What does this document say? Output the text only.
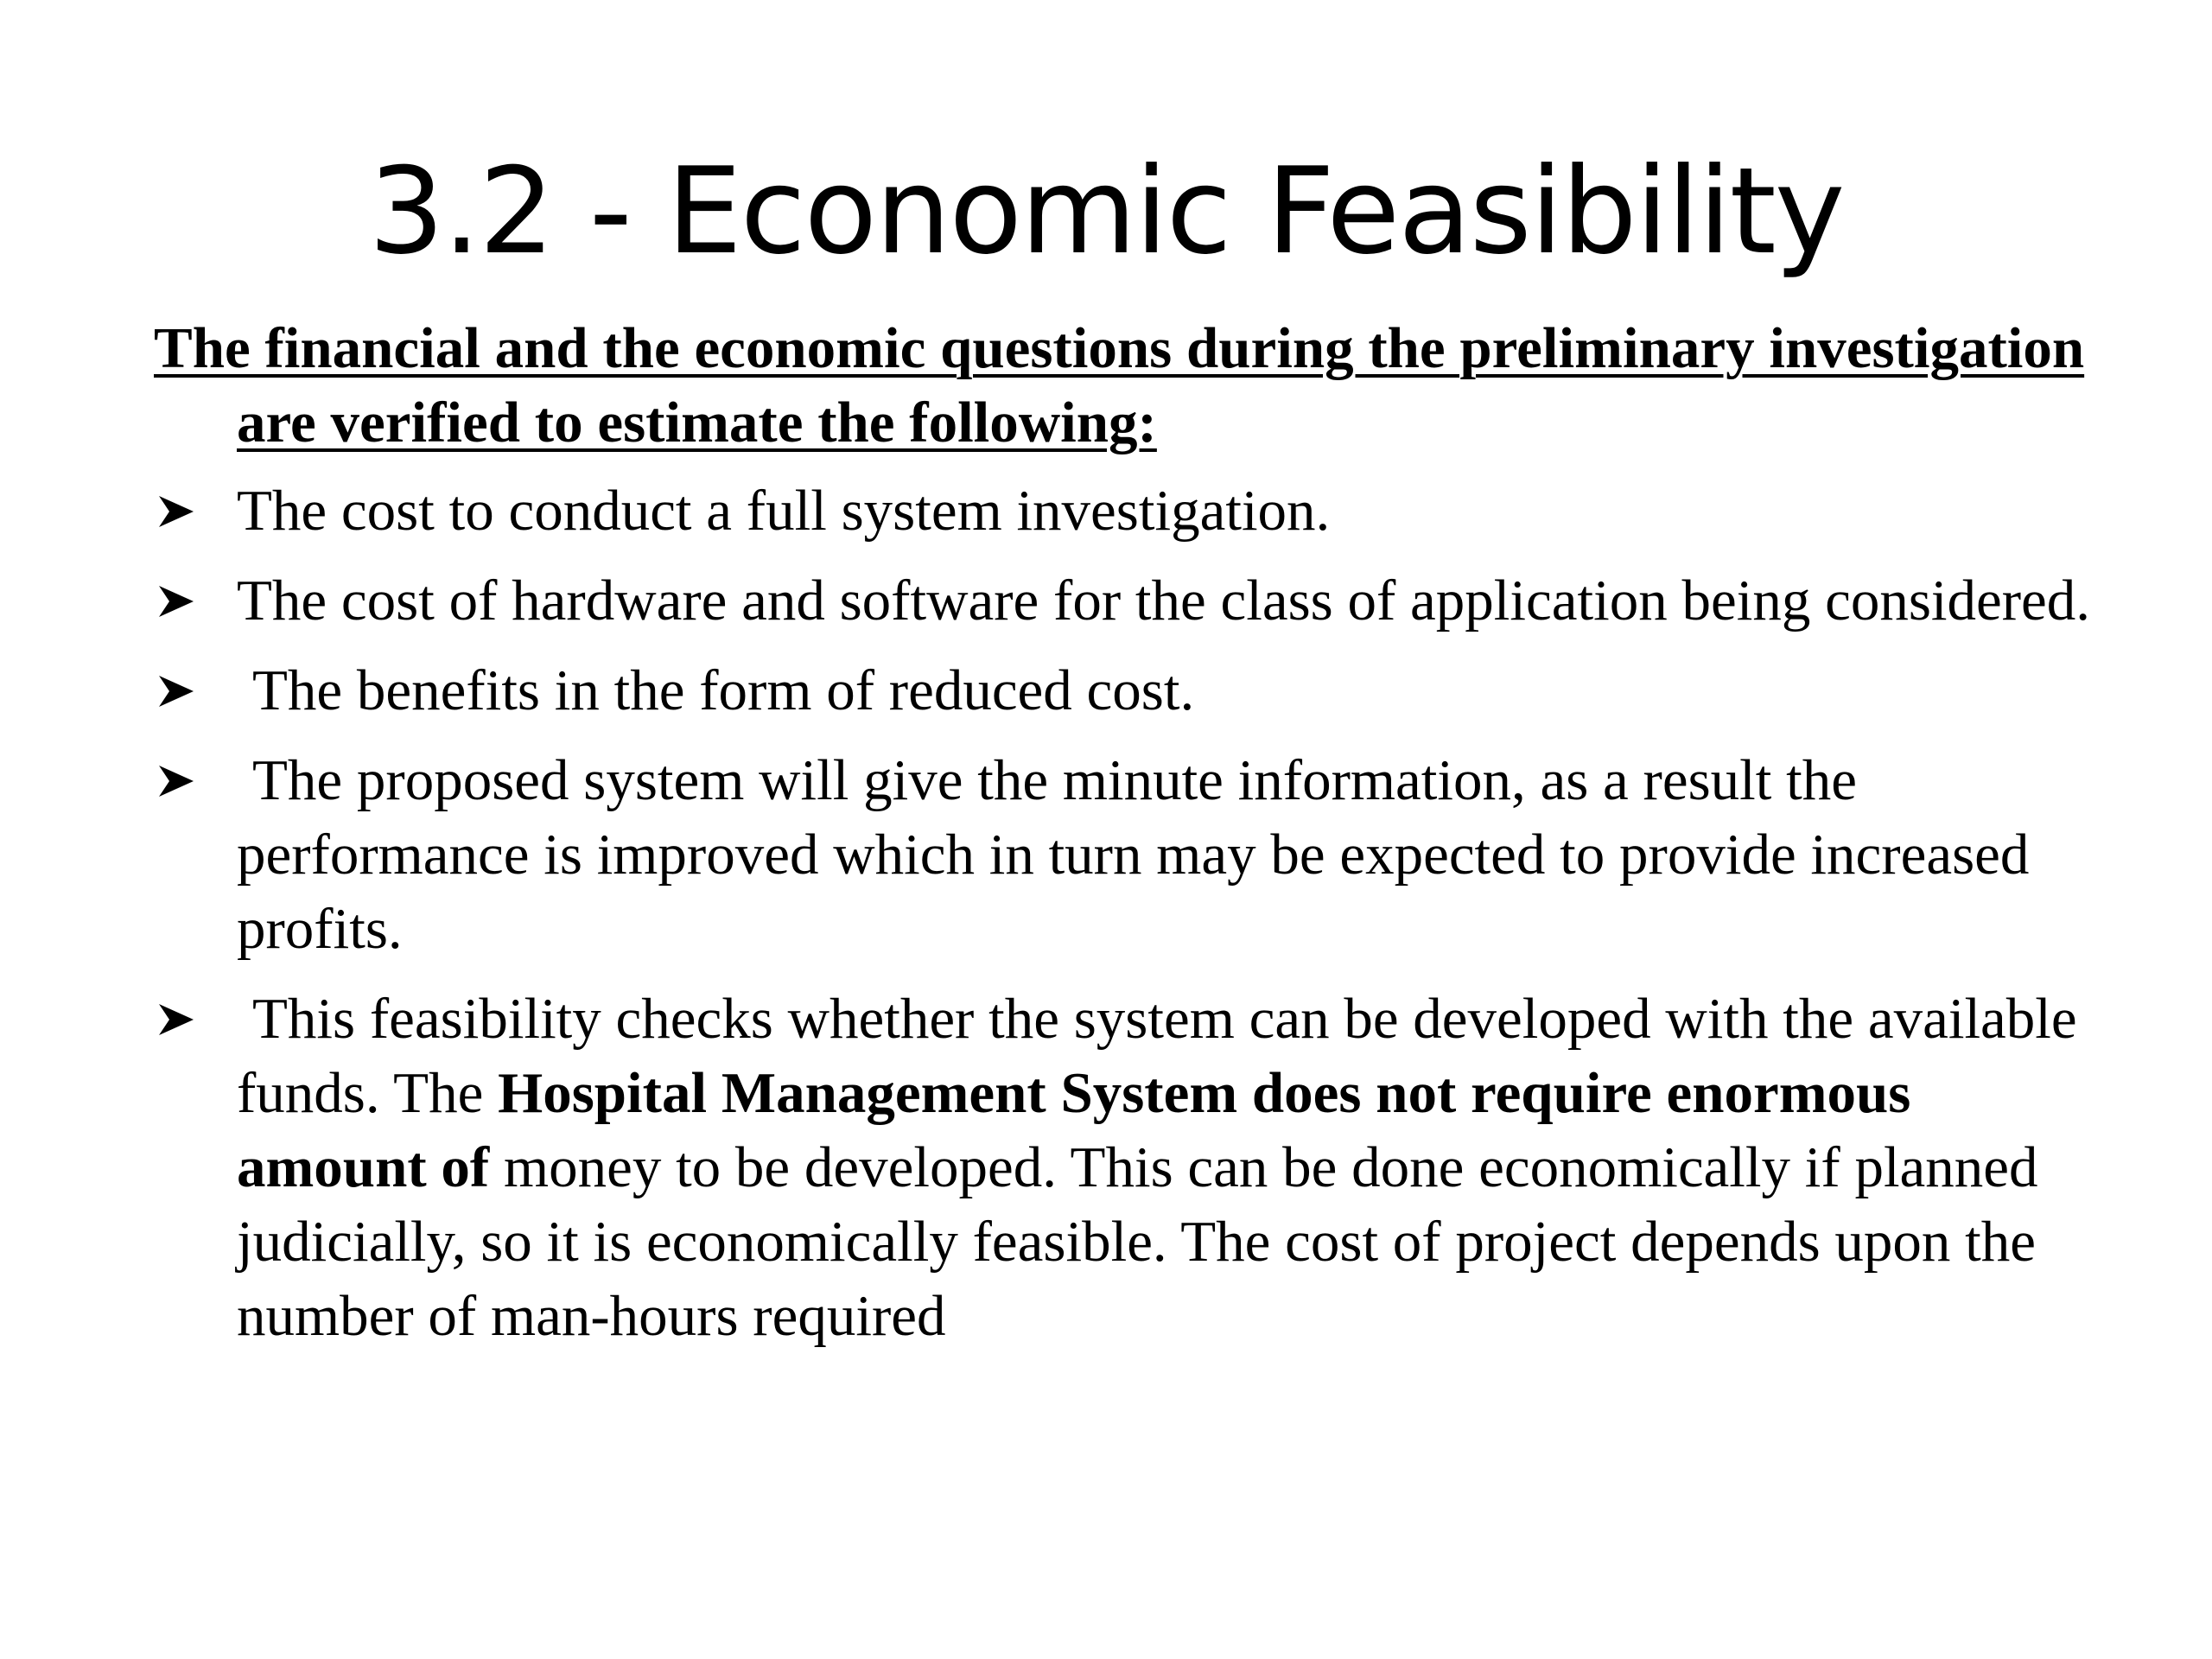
3.2 - Economic Feasibility

The financial and the economic questions during the preliminary investigation are verified to estimate the following:

The cost to conduct a full system investigation.
The cost of hardware and software for the class of application being considered.
The benefits in the form of reduced cost.
The proposed system will give the minute information, as a result the performance is improved which in turn may be expected to provide increased profits.
This feasibility checks whether the system can be developed with the available funds. The Hospital Management System does not require enormous amount of money to be developed. This can be done economically if planned judicially, so it is economically feasible. The cost of project depends upon the number of man-hours required
